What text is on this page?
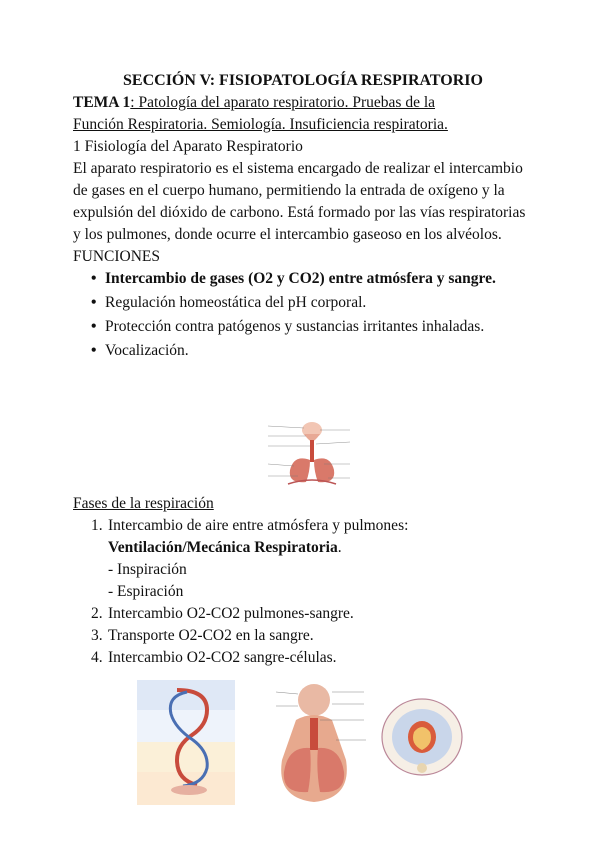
SECCIÓN V: FISIOPATOLOGÍA RESPIRATORIO

TEMA 1: Patología del aparato respiratorio. Pruebas de la
Función Respiratoria. Semiología. Insuficiencia respiratoria.

1 Fisiología del Aparato Respiratorio

El aparato respiratorio es el sistema encargado de realizar el intercambio de gases en el cuerpo humano, permitiendo la entrada de oxígeno y la expulsión del dióxido de carbono. Está formado por las vías respiratorias y los pulmones, donde ocurre el intercambio gaseoso en los alvéolos.

FUNCIONES

• Intercambio de gases (O2 y CO2) entre atmósfera y sangre.
• Regulación homeostática del pH corporal.
• Protección contra patógenos y sustancias irritantes inhaladas.
• Vocalización.

Fases de la respiración

1. Intercambio de aire entre atmósfera y pulmones:
Ventilación/Mecánica Respiratoria.
- Inspiración
- Espiración
2. Intercambio O2-CO2 pulmones-sangre.
3. Transporte O2-CO2 en la sangre.
4. Intercambio O2-CO2 sangre-células.
